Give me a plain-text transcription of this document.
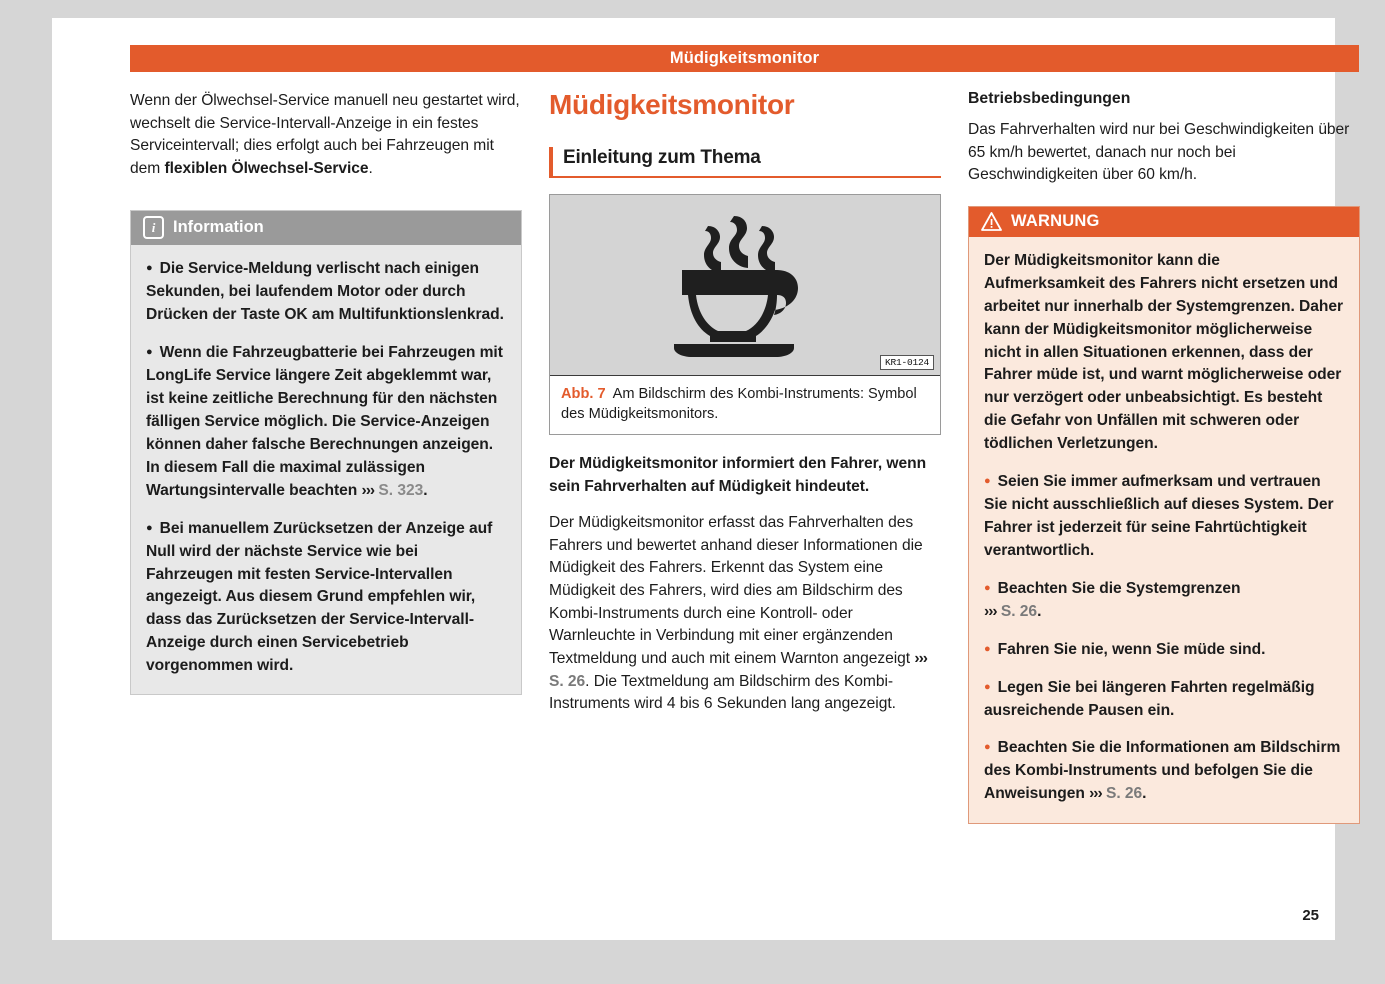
Müdigkeitsmonitor

Wenn der Ölwechsel-Service manuell neu gestartet wird, wechselt die Service-Intervall-Anzeige in ein festes Serviceintervall; dies erfolgt auch bei Fahrzeugen mit dem flexiblen Ölwechsel-Service.

i	Information

● Die Service-Meldung verlischt nach einigen Sekunden, bei laufendem Motor oder durch Drücken der Taste OK am Multifunktionslenkrad.

● Wenn die Fahrzeugbatterie bei Fahrzeugen mit LongLife Service längere Zeit abgeklemmt war, ist keine zeitliche Berechnung für den nächsten fälligen Service möglich. Die Service-Anzeigen können daher falsche Berechnungen anzeigen. In diesem Fall die maximal zulässigen Wartungsintervalle beachten ››› S. 323.

● Bei manuellem Zurücksetzen der Anzeige auf Null wird der nächste Service wie bei Fahrzeugen mit festen Service-Intervallen angezeigt. Aus diesem Grund empfehlen wir, dass das Zurücksetzen der Service-Intervall-Anzeige durch einen Servicebetrieb vorgenommen wird.

Müdigkeitsmonitor
Einleitung zum Thema
KR1-0124
Abb. 7 Am Bildschirm des Kombi-Instruments: Symbol des Müdigkeitsmonitors.

Der Müdigkeitsmonitor informiert den Fahrer, wenn sein Fahrverhalten auf Müdigkeit hindeutet.

Der Müdigkeitsmonitor erfasst das Fahrverhalten des Fahrers und bewertet anhand dieser Informationen die Müdigkeit des Fahrers. Erkennt das System eine Müdigkeit des Fahrers, wird dies am Bildschirm des Kombi-Instruments durch eine Kontroll- oder Warnleuchte in Verbindung mit einer ergänzenden Textmeldung und auch mit einem Warnton angezeigt ››› S. 26. Die Textmeldung am Bildschirm des Kombi-Instruments wird 4 bis 6 Sekunden lang angezeigt.

Betriebsbedingungen

Das Fahrverhalten wird nur bei Geschwindigkeiten über 65 km/h bewertet, danach nur noch bei Geschwindigkeiten über 60 km/h.

WARNUNG

Der Müdigkeitsmonitor kann die Aufmerksamkeit des Fahrers nicht ersetzen und arbeitet nur innerhalb der Systemgrenzen. Daher kann der Müdigkeitsmonitor möglicherweise nicht in allen Situationen erkennen, dass der Fahrer müde ist, und warnt möglicherweise oder nur verzögert oder unbeabsichtigt. Es besteht die Gefahr von Unfällen mit schweren oder tödlichen Verletzungen.

● Seien Sie immer aufmerksam und vertrauen Sie nicht ausschließlich auf dieses System. Der Fahrer ist jederzeit für seine Fahrtüchtigkeit verantwortlich.

● Beachten Sie die Systemgrenzen
››› S. 26.

● Fahren Sie nie, wenn Sie müde sind.

● Legen Sie bei längeren Fahrten regelmäßig ausreichende Pausen ein.

● Beachten Sie die Informationen am Bildschirm des Kombi-Instruments und befolgen Sie die Anweisungen ››› S. 26.

25
